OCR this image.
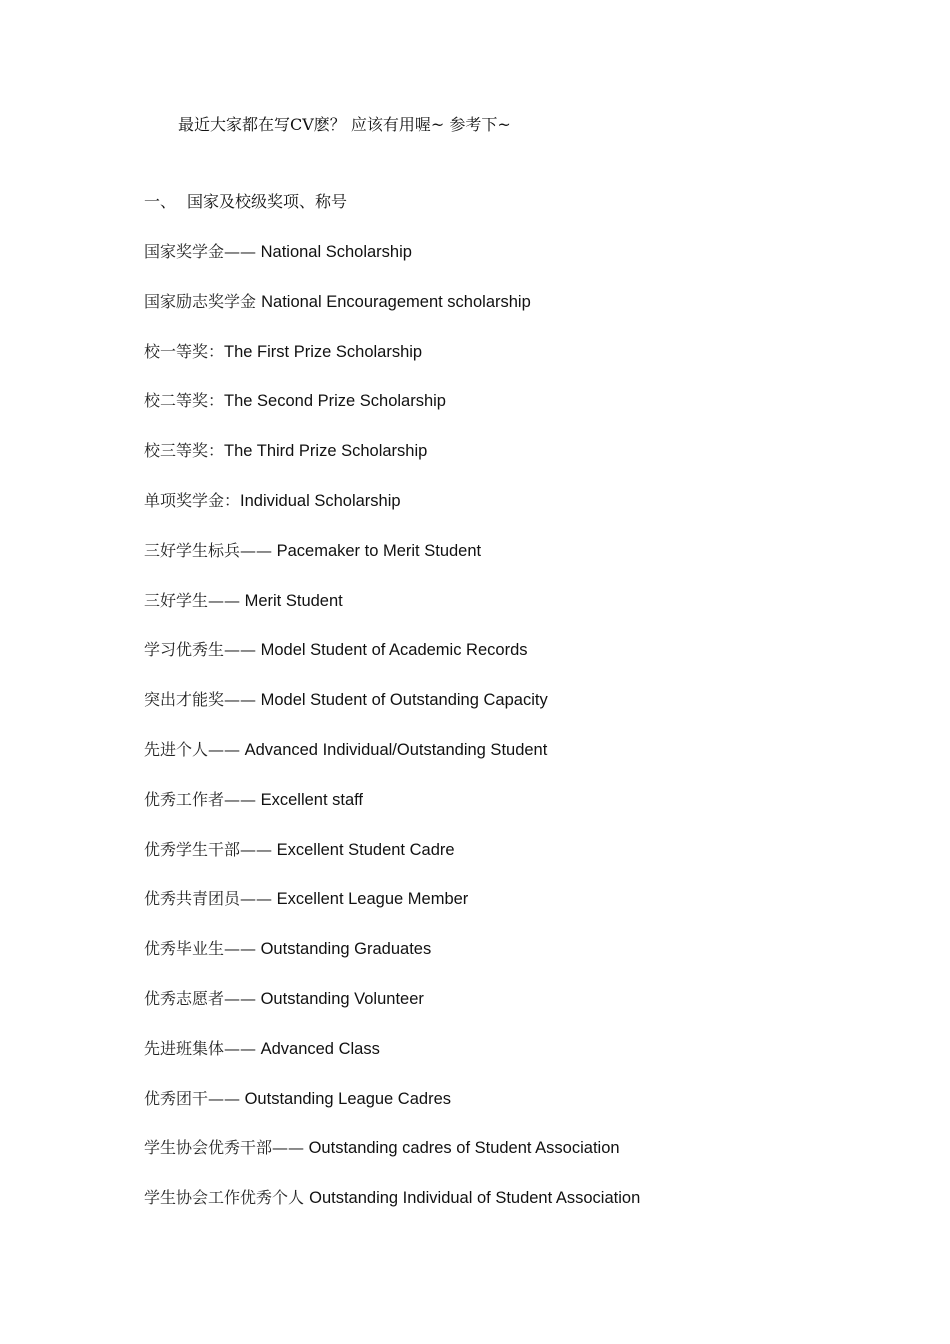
最近大家都在写CV麽？ 应该有用喔~ 参考下~
一、 国家及校级奖项、称号
国家奖学金—— National Scholarship
国家励志奖学金 National Encouragement scholarship
校一等奖：The First Prize Scholarship
校二等奖：The Second Prize Scholarship
校三等奖：The Third Prize Scholarship
单项奖学金：Individual Scholarship
三好学生标兵—— Pacemaker to Merit Student
三好学生—— Merit Student
学习优秀生—— Model Student of Academic Records
突出才能奖—— Model Student of Outstanding Capacity
先进个人—— Advanced Individual/Outstanding Student
优秀工作者—— Excellent staff
优秀学生干部—— Excellent Student Cadre
优秀共青团员—— Excellent League Member
优秀毕业生—— Outstanding Graduates
优秀志愿者—— Outstanding Volunteer
先进班集体—— Advanced Class
优秀团干—— Outstanding League Cadres
学生协会优秀干部—— Outstanding cadres of Student Association
学生协会工作优秀个人 Outstanding Individual of Student Association
